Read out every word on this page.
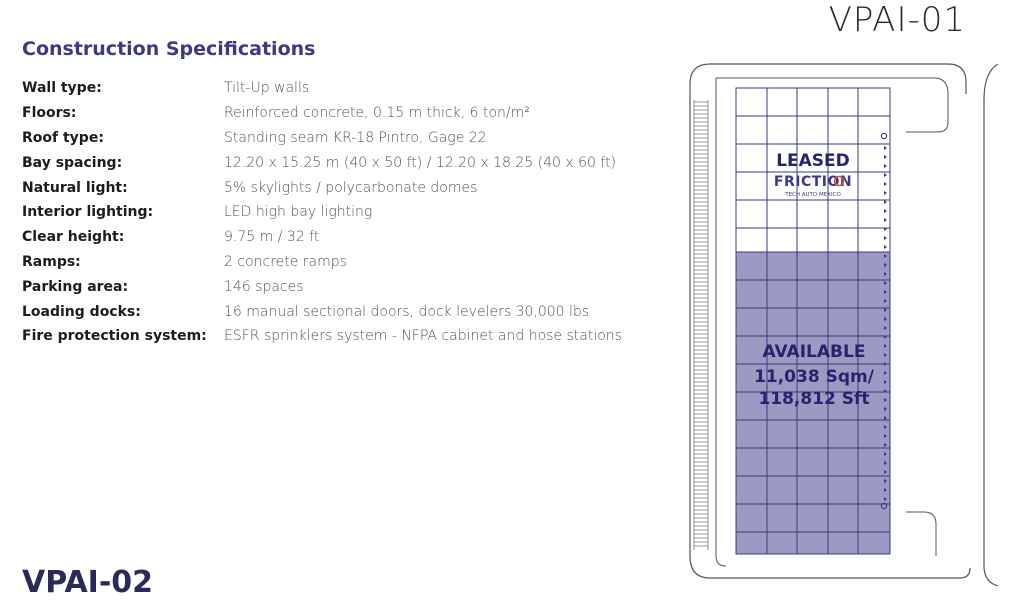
VPAI-01
Construction Specifications
Wall type:	Tilt-Up walls
Floors:	Reinforced concrete, 0.15 m thick, 6 ton/m²
Roof type:	Standing seam KR-18 Pintro, Gage 22
Bay spacing:	12.20 x 15.25 m (40 x 50 ft) / 12.20 x 18.25 (40 x 60 ft)
Natural light:	5% skylights / polycarbonate domes
Interior lighting:	LED high bay lighting
Clear height:	9.75 m / 32 ft
Ramps:	2 concrete ramps
Parking area:	146 spaces
Loading docks:	16 manual sectional doors, dock levelers 30,000 lbs
Fire protection system:	ESFR sprinklers system - NFPA cabinet and hose stations
VPAI-02
LEASED
FRICTION
TECH AUTO MEXICO
AVAILABLE
11,038 Sqm/
118,812 Sft
